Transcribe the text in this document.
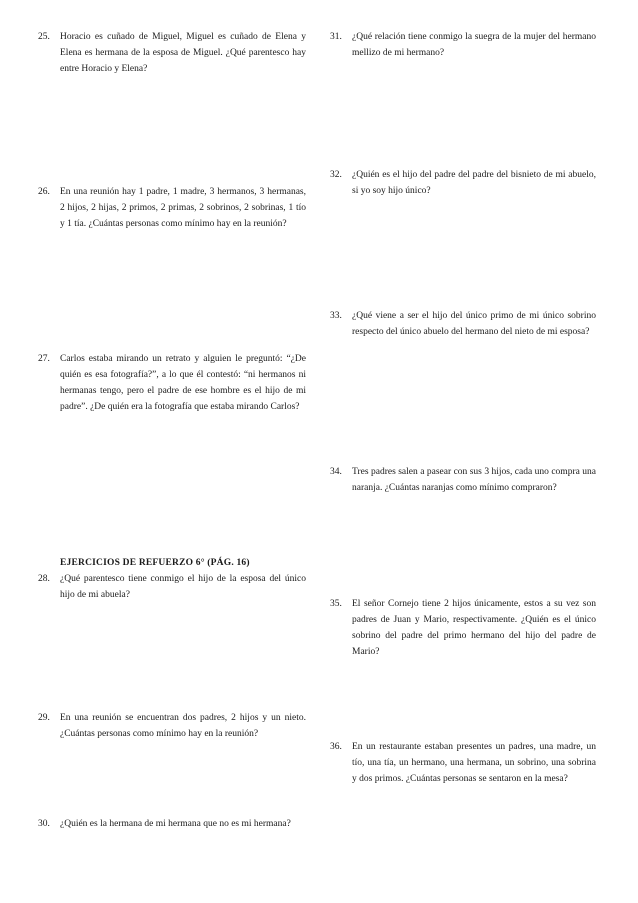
25. Horacio es cuñado de Miguel, Miguel es cuñado de Elena y Elena es hermana de la esposa de Miguel. ¿Qué parentesco hay entre Horacio y Elena?
26. En una reunión hay 1 padre, 1 madre, 3 hermanos, 3 hermanas, 2 hijos, 2 hijas, 2 primos, 2 primas, 2 sobrinos, 2 sobrinas, 1 tío y 1 tía. ¿Cuántas personas como mínimo hay en la reunión?
27. Carlos estaba mirando un retrato y alguien le preguntó: “¿De quién es esa fotografía?”, a lo que él contestó: “ni hermanos ni hermanas tengo, pero el padre de ese hombre es el hijo de mi padre”. ¿De quién era la fotografía que estaba mirando Carlos?
EJERCICIOS DE REFUERZO 6° (PÁG. 16)
28. ¿Qué parentesco tiene conmigo el hijo de la esposa del único hijo de mi abuela?
29. En una reunión se encuentran dos padres, 2 hijos y un nieto. ¿Cuántas personas como mínimo hay en la reunión?
30. ¿Quién es la hermana de mi hermana que no es mi hermana?
31. ¿Qué relación tiene conmigo la suegra de la mujer del hermano mellizo de mi hermano?
32. ¿Quién es el hijo del padre del padre del bisnieto de mi abuelo, si yo soy hijo único?
33. ¿Qué viene a ser el hijo del único primo de mi único sobrino respecto del único abuelo del hermano del nieto de mi esposa?
34. Tres padres salen a pasear con sus 3 hijos, cada uno compra una naranja. ¿Cuántas naranjas como mínimo compraron?
35. El señor Cornejo tiene 2 hijos únicamente, estos a su vez son padres de Juan y Mario, respectivamente. ¿Quién es el único sobrino del padre del primo hermano del hijo del padre de Mario?
36. En un restaurante estaban presentes un padres, una madre, un tío, una tía, un hermano, una hermana, un sobrino, una sobrina y dos primos. ¿Cuántas personas se sentaron en la mesa?
